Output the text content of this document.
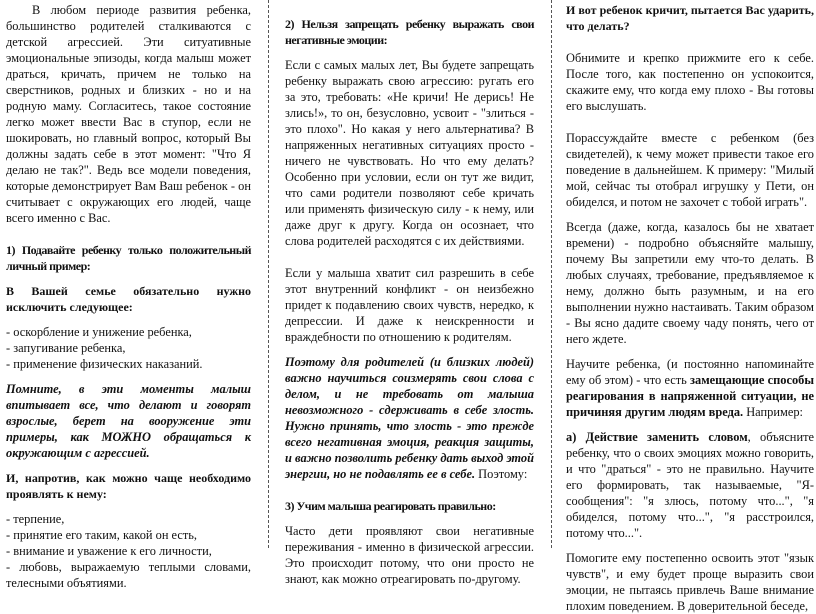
В любом периоде развития ребенка, большинство родителей сталкиваются с детской агрессией. Эти ситуативные эмоциональные эпизоды, когда малыш может драться, кричать, причем не только на сверстников, родных и близких - но и на родную маму. Согласитесь, такое состояние легко может ввести Вас в ступор, если не шокировать, но главный вопрос, который Вы должны задать себе в этот момент: "Что Я делаю не так?". Ведь все модели поведения, которые демонстрирует Вам Ваш ребенок - он считывает с окружающих его людей, чаще всего именно с Вас.

1) Подавайте ребенку только положительный личный пример:

В Вашей семье обязательно нужно исключить следующее:

- оскорбление и унижение ребенка,

- запугивание ребенка,

- применение физических наказаний.

Помните, в эти моменты малыш впитывает все, что делают и говорят взрослые, берет на вооружение эти примеры, как МОЖНО обращаться к окружающим с агрессией.

И, напротив, как можно чаще необходимо проявлять к нему:

- терпение,

- принятие его таким, какой он есть,

- внимание и уважение к его личности,

- любовь, выражаемую теплыми словами, телесными объятиями.

2) Нельзя запрещать ребенку выражать свои негативные эмоции:

Если с самых малых лет, Вы будете запрещать ребенку выражать свою агрессию: ругать его за это, требовать: «Не кричи! Не дерись! Не злись!», то он, безусловно, усвоит - "злиться - это плохо". Но какая у него альтернатива? В напряженных негативных ситуациях просто - ничего не чувствовать. Но что ему делать? Особенно при условии, если он тут же видит, что сами родители позволяют себе кричать или применять физическую силу - к нему, или даже друг к другу. Когда он осознает, что слова родителей расходятся с их действиями.

Если у малыша хватит сил разрешить в себе этот внутренний конфликт - он неизбежно придет к подавлению своих чувств, нередко, к депрессии. И даже к неискренности и враждебности по отношению к родителям.

Поэтому для родителей (и близких людей) важно научиться соизмерять свои слова с делом, и не требовать от малыша невозможного - сдерживать в себе злость. Нужно принять, что злость - это прежде всего негативная эмоция, реакция защиты, и важно позволить ребенку дать выход этой энергии, но не подавлять ее в себе. Поэтому:

3) Учим малыша реагировать правильно:

Часто дети проявляют свои негативные переживания - именно в физической агрессии. Это происходит потому, что они просто не знают, как можно отреагировать по-другому.

И вот ребенок кричит, пытается Вас ударить, что делать?

Обнимите и крепко прижмите его к себе. После того, как постепенно он успокоится, скажите ему, что когда ему плохо - Вы готовы его выслушать.

Порассуждайте вместе с ребенком (без свидетелей), к чему может привести такое его поведение в дальнейшем. К примеру: "Милый мой, сейчас ты отобрал игрушку у Пети, он обиделся, и потом не захочет с тобой играть".

Всегда (даже, когда, казалось бы не хватает времени) - подробно объясняйте малышу, почему Вы запретили ему что-то делать. В любых случаях, требование, предъявляемое к нему, должно быть разумным, и на его выполнении нужно настаивать. Таким образом - Вы ясно дадите своему чаду понять, чего от него ждете.

Научите ребенка, (и постоянно напоминайте ему об этом) - что есть замещающие способы реагирования в напряженной ситуации, не причиняя другим людям вреда. Например:

а) Действие заменить словом, объясните ребенку, что о своих эмоциях можно говорить, и что "драться" - это не правильно. Научите его формировать, так называемые, "Я-сообщения": "я злюсь, потому что...", "я обиделся, потому что...", "я расстроился, потому что...".

Помогите ему постепенно освоить этот "язык чувств", и ему будет проще выразить свои эмоции, не пытаясь привлечь Ваше внимание плохим поведением. В доверительной беседе,
